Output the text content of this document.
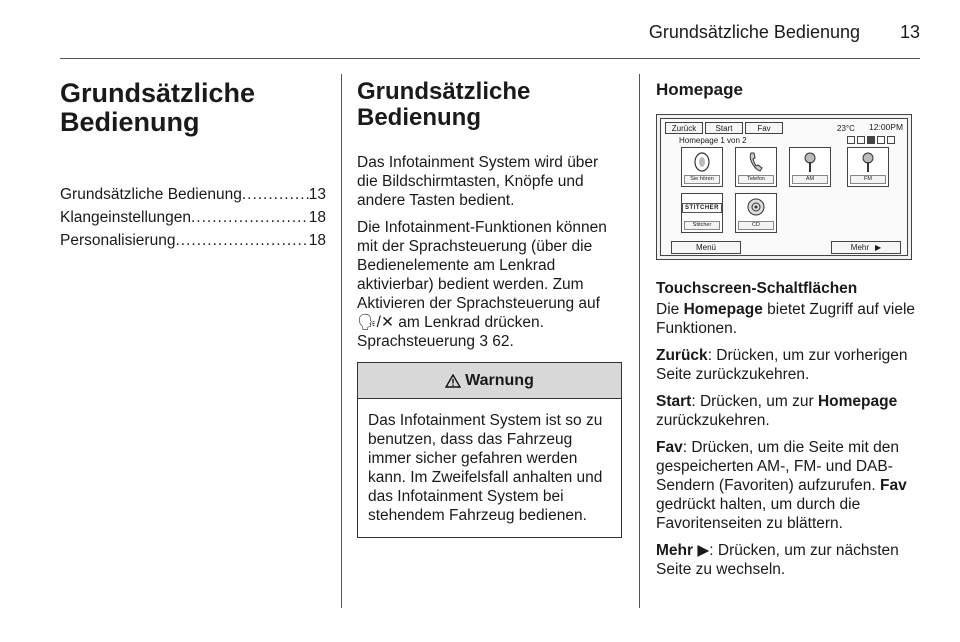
Grundsätzliche Bedienung 13
Grundsätzliche Bedienung
Grundsätzliche Bedienung .....	13
Klangeinstellungen .....	18
Personalisierung .....	18
Grundsätzliche Bedienung

Das Infotainment System wird über die Bildschirmtasten, Knöpfe und andere Tasten bedient.

Die Infotainment-Funktionen können mit der Sprachsteuerung (über die Bedienelemente am Lenkrad aktivierbar) bedient werden. Zum Aktivieren der Sprachsteuerung auf 🗣︎/✕ am Lenkrad drücken. Sprachsteuerung 3 62.

Warnung
Das Infotainment System ist so zu benutzen, dass das Fahrzeug immer sicher gefahren werden kann. Im Zweifelsfall anhalten und das Infotainment System bei stehendem Fahrzeug bedienen.
Homepage
Zurück	Start	Fav	23°C 12:00PM
Homepage 1 von 2
Sie hören	Telefon	AM	FM
STITCHER
Stitcher	CD
Menü	Mehr ▶
Touchscreen-Schaltflächen

Die Homepage bietet Zugriff auf viele Funktionen.

Zurück: Drücken, um zur vorherigen Seite zurückzukehren.

Start: Drücken, um zur Homepage zurückzukehren.

Fav: Drücken, um die Seite mit den gespeicherten AM-, FM- und DAB-Sendern (Favoriten) aufzurufen. Fav gedrückt halten, um durch die Favoritenseiten zu blättern.

Mehr ▶: Drücken, um zur nächsten Seite zu wechseln.
